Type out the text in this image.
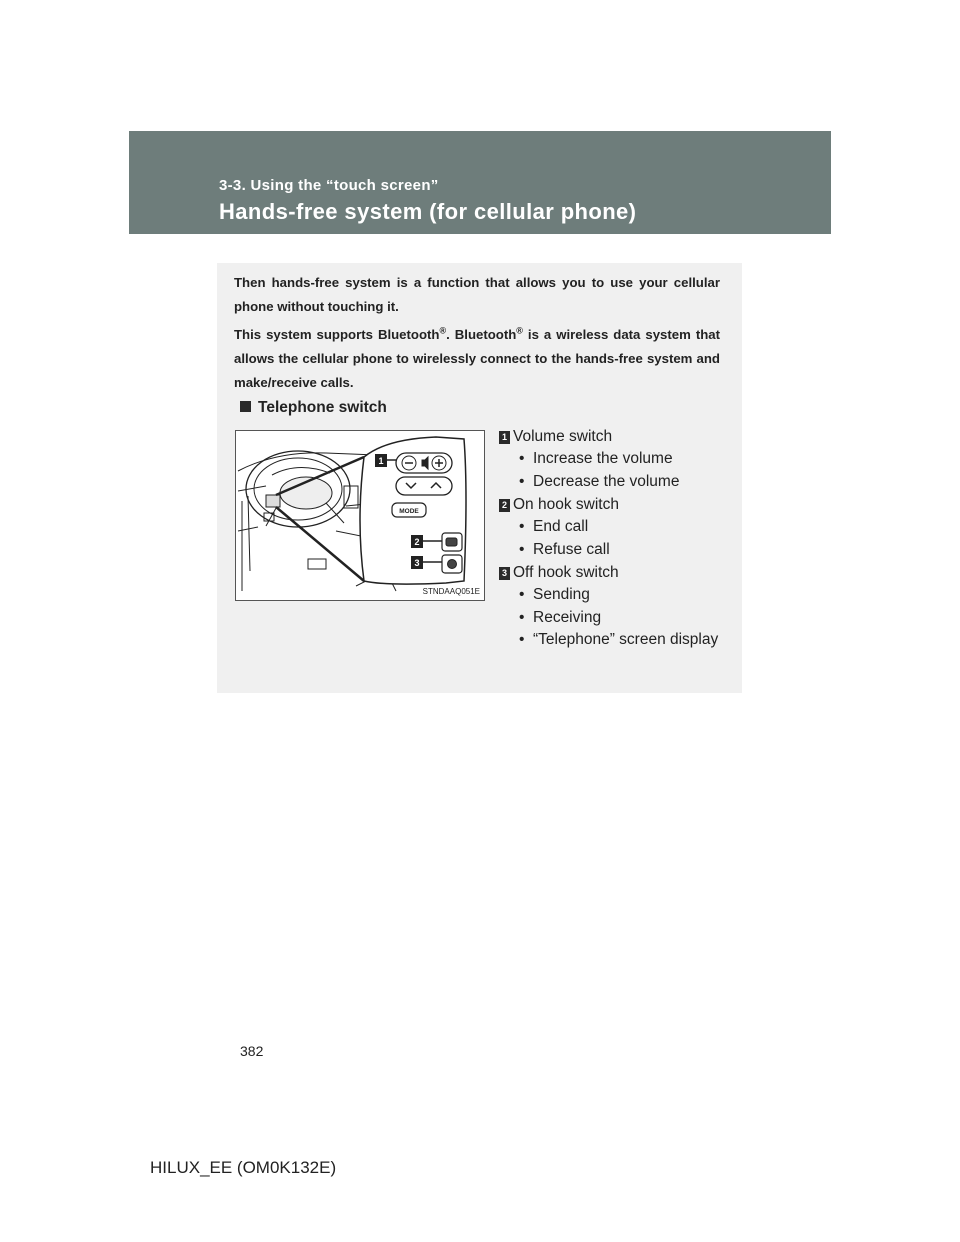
3-3. Using the “touch screen”
Hands-free system (for cellular phone)

Then hands-free system is a function that allows you to use your cellular phone without touching it.

This system supports Bluetooth®. Bluetooth® is a wireless data system that allows the cellular phone to wirelessly connect to the hands-free system and make/receive calls.

Telephone switch
1
2
3
MODE
STNDAAQ051E
1 Volume switch
• Increase the volume
• Decrease the volume
2 On hook switch
• End call
• Refuse call
3 Off hook switch
• Sending
• Receiving
• “Telephone” screen display
382
HILUX_EE (OM0K132E)
